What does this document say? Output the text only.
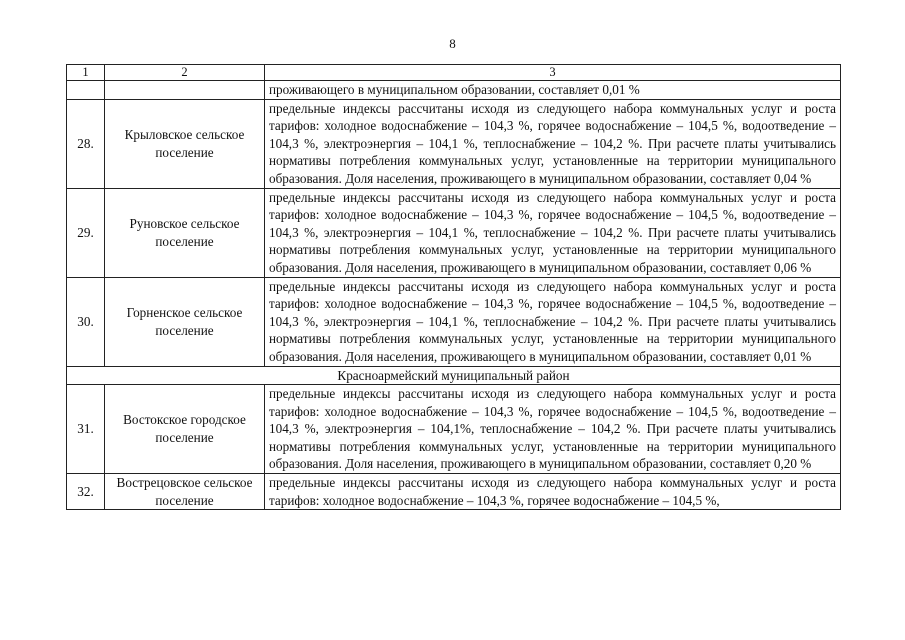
8
1	2	3
		проживающего в муниципальном образовании, составляет 0,01 %
28.	Крыловское сельское поселение	предельные индексы рассчитаны исходя из следующего набора коммунальных услуг и роста тарифов: холодное водоснабжение – 104,3 %, горячее водоснабжение – 104,5 %, водоотведение – 104,3 %, электроэнергия – 104,1 %, теплоснабжение – 104,2 %. При расчете платы учитывались нормативы потребления коммунальных услуг, установленные на территории муниципального образования. Доля населения, проживающего в муниципальном образовании, составляет 0,04 %
29.	Руновское сельское поселение	предельные индексы рассчитаны исходя из следующего набора коммунальных услуг и роста тарифов: холодное водоснабжение – 104,3 %, горячее водоснабжение – 104,5 %, водоотведение – 104,3 %, электроэнергия – 104,1 %, теплоснабжение – 104,2 %. При расчете платы учитывались нормативы потребления коммунальных услуг, установленные на территории муниципального образования. Доля населения, проживающего в муниципальном образовании, составляет 0,06 %
30.	Горненское сельское поселение	предельные индексы рассчитаны исходя из следующего набора коммунальных услуг и роста тарифов: холодное водоснабжение – 104,3 %, горячее водоснабжение – 104,5 %, водоотведение – 104,3 %, электроэнергия – 104,1 %, теплоснабжение – 104,2 %. При расчете платы учитывались нормативы потребления коммунальных услуг, установленные на территории муниципального образования. Доля населения, проживающего в муниципальном образовании, составляет 0,01 %
Красноармейский муниципальный район		
31.	Востокское городское поселение	предельные индексы рассчитаны исходя из следующего набора коммунальных услуг и роста тарифов: холодное водоснабжение – 104,3 %, горячее водоснабжение – 104,5 %, водоотведение – 104,3 %, электроэнергия – 104,1%, теплоснабжение – 104,2 %. При расчете платы учитывались нормативы потребления коммунальных услуг, установленные на территории муниципального образования. Доля населения, проживающего в муниципальном образовании, составляет 0,20 %
32.	Вострецовское сельское поселение	предельные индексы рассчитаны исходя из следующего набора коммунальных услуг и роста тарифов: холодное водоснабжение – 104,3 %, горячее водоснабжение – 104,5 %,
